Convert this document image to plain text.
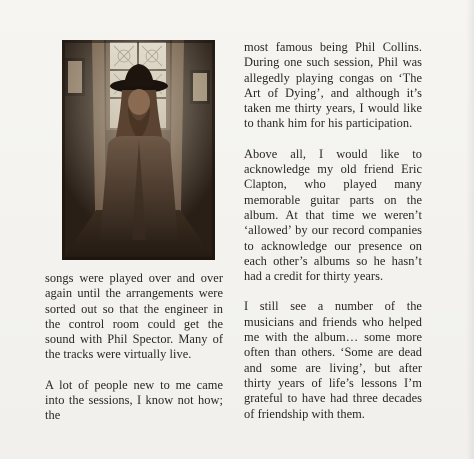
songs were played over and over again until the arrangements were sorted out so that the engineer in the control room could get the sound with Phil Spector. Many of the tracks were virtually live.

A lot of people new to me came into the sessions, I know not how; the

most famous being Phil Collins. During one such session, Phil was allegedly playing congas on ‘The Art of Dying’, and although it’s taken me thirty years, I would like to thank him for his participation.

Above all, I would like to acknowledge my old friend Eric Clapton, who played many memorable guitar parts on the album. At that time we weren’t ‘allowed’ by our record companies to acknowledge our presence on each other’s albums so he hasn’t had a credit for thirty years.

I still see a number of the musicians and friends who helped me with the album… some more often than others. ‘Some are dead and some are living’, but after thirty years of life’s lessons I’m grateful to have had three decades of friendship with them.
